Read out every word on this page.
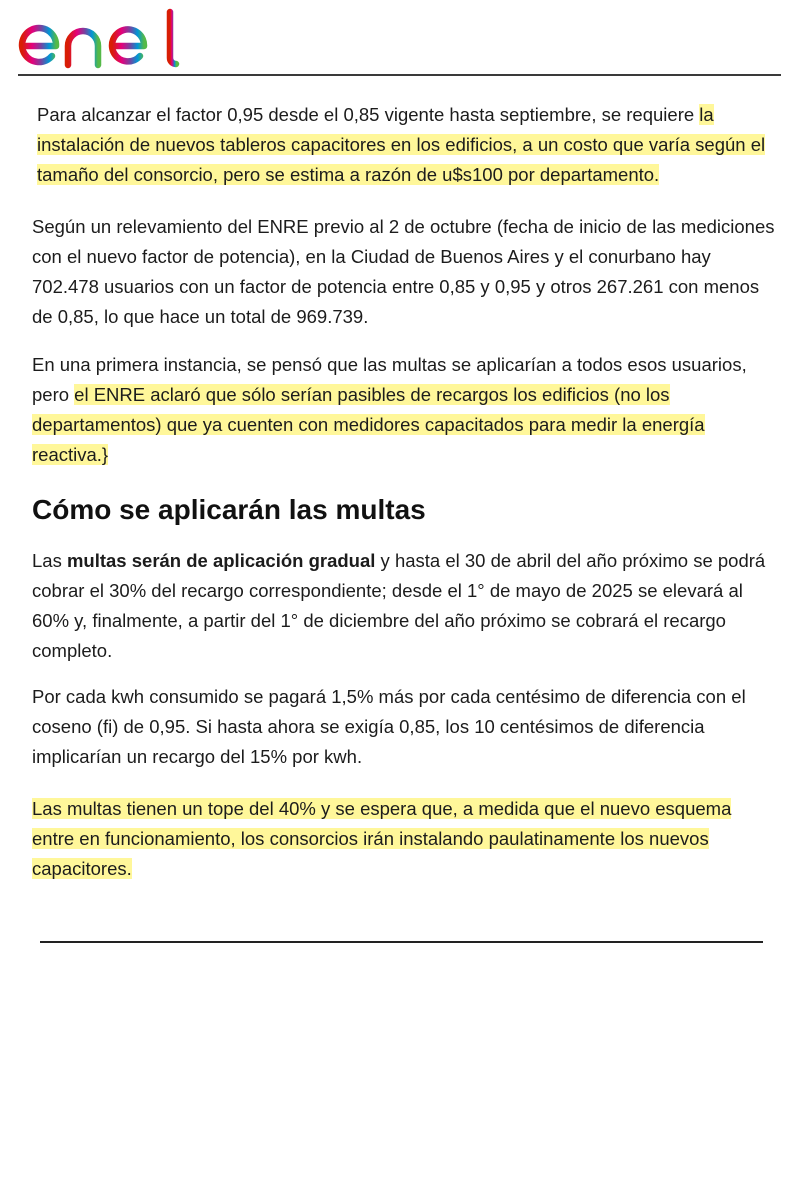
Para alcanzar el factor 0,95 desde el 0,85 vigente hasta septiembre, se requiere la instalación de nuevos tableros capacitores en los edificios, a un costo que varía según el tamaño del consorcio, pero se estima a razón de u$s100 por departamento.

Según un relevamiento del ENRE previo al 2 de octubre (fecha de inicio de las mediciones con el nuevo factor de potencia), en la Ciudad de Buenos Aires y el conurbano hay 702.478 usuarios con un factor de potencia entre 0,85 y 0,95 y otros 267.261 con menos de 0,85, lo que hace un total de 969.739.

En una primera instancia, se pensó que las multas se aplicarían a todos esos usuarios, pero el ENRE aclaró que sólo serían pasibles de recargos los edificios (no los departamentos) que ya cuenten con medidores capacitados para medir la energía reactiva.}

Cómo se aplicarán las multas

Las multas serán de aplicación gradual y hasta el 30 de abril del año próximo se podrá cobrar el 30% del recargo correspondiente; desde el 1° de mayo de 2025 se elevará al 60% y, finalmente, a partir del 1° de diciembre del año próximo se cobrará el recargo completo.

Por cada kwh consumido se pagará 1,5% más por cada centésimo de diferencia con el coseno (fi) de 0,95. Si hasta ahora se exigía 0,85, los 10 centésimos de diferencia implicarían un recargo del 15% por kwh.

Las multas tienen un tope del 40% y se espera que, a medida que el nuevo esquema entre en funcionamiento, los consorcios irán instalando paulatinamente los nuevos capacitores.
